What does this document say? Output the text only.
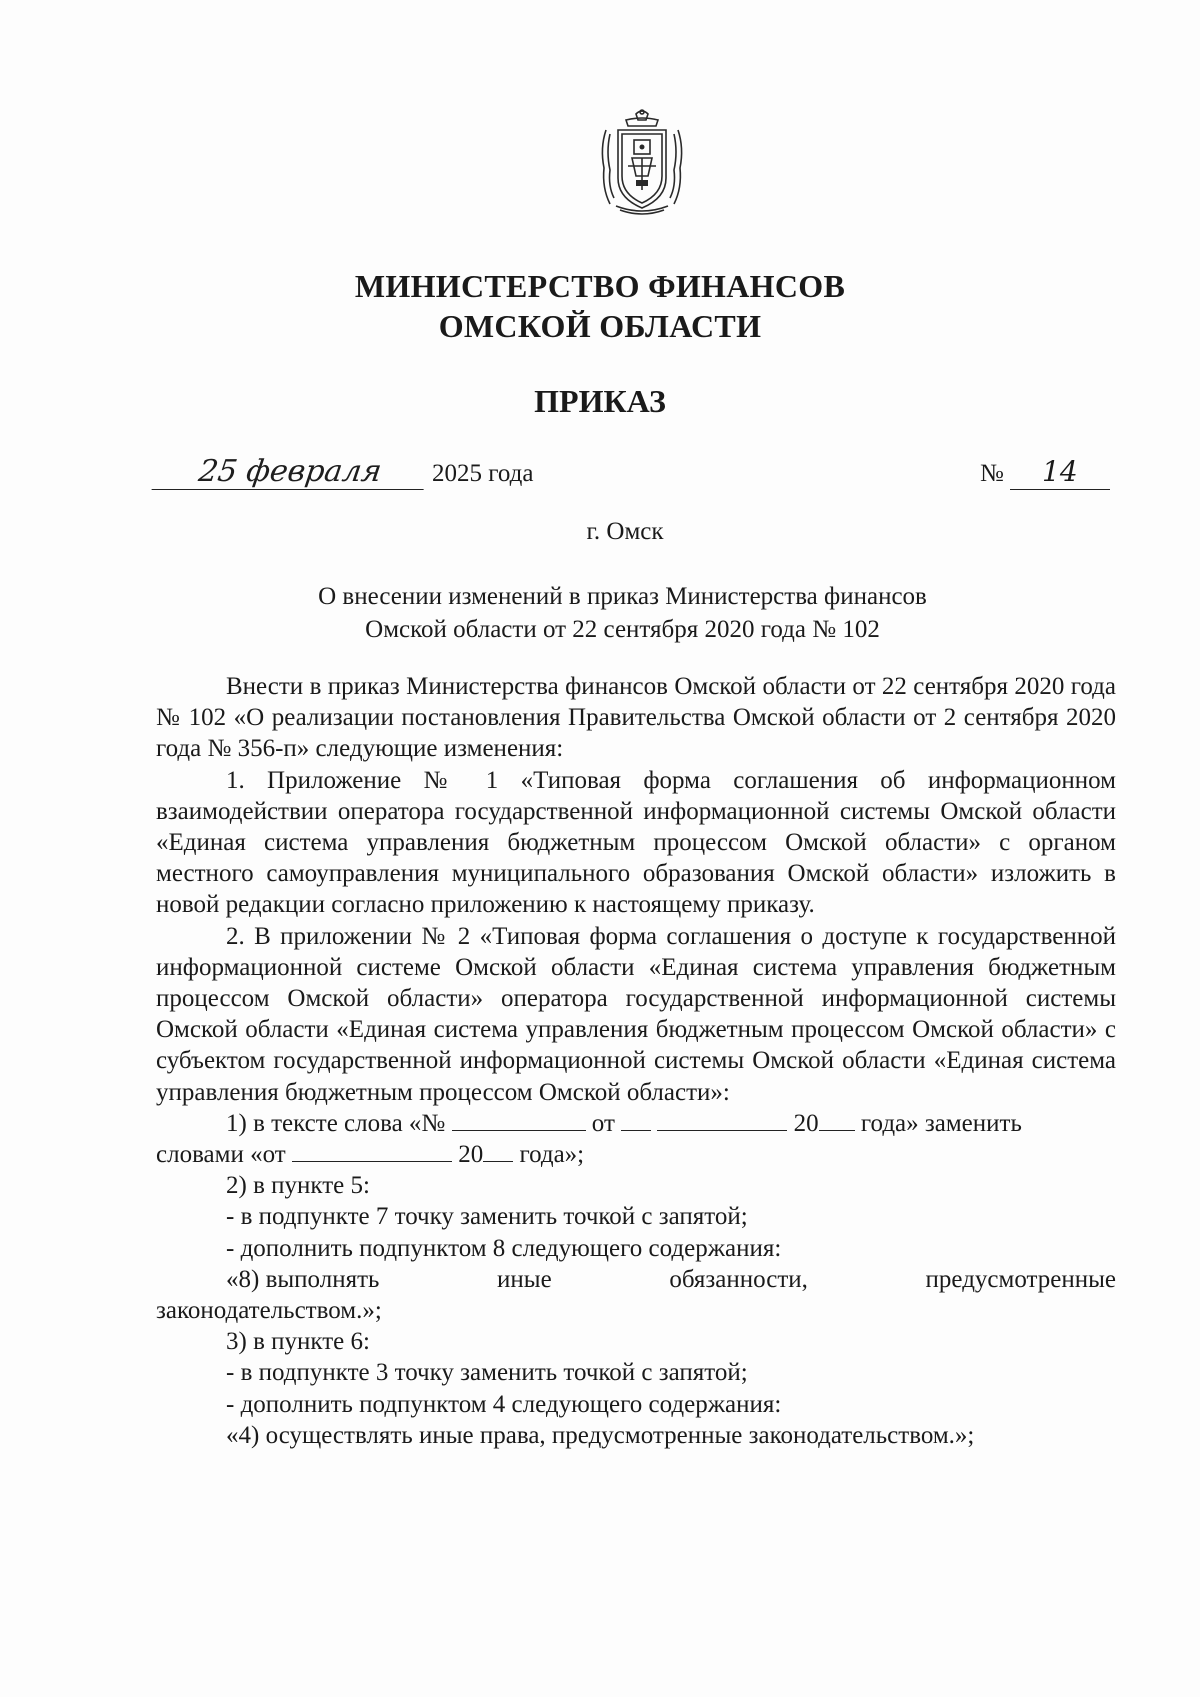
МИНИСТЕРСТВО ФИНАНСОВ
ОМСКОЙ ОБЛАСТИ
ПРИКАЗ
25 февраля 2025 года	№ 14
г. Омск
О внесении изменений в приказ Министерства финансов
Омской области от 22 сентября 2020 года № 102

Внести в приказ Министерства финансов Омской области от 22 сентября 2020 года № 102 «О реализации постановления Правительства Омской области от 2 сентября 2020 года № 356-п» следующие изменения:

1. Приложение № 1 «Типовая форма соглашения об информационном взаимодействии оператора государственной информационной системы Омской области «Единая система управления бюджетным процессом Омской области» с органом местного самоуправления муниципального образования Омской области» изложить в новой редакции согласно приложению к настоящему приказу.

2. В приложении № 2 «Типовая форма соглашения о доступе к государственной информационной системе Омской области «Единая система управления бюджетным процессом Омской области» оператора государственной информационной системы Омской области «Единая система управления бюджетным процессом Омской области» с субъектом государственной информационной системы Омской области «Единая система управления бюджетным процессом Омской области»:

1) в тексте слова «№	от	20 года» заменить

словами «от	20 года»;

2) в пункте 5:

- в подпункте 7 точку заменить точкой с запятой;

- дополнить подпунктом 8 следующего содержания:

«8) выполнять	иные	обязанности,	предусмотренные

законодательством.»;

3) в пункте 6:

- в подпункте 3 точку заменить точкой с запятой;

- дополнить подпунктом 4 следующего содержания:

«4) осуществлять иные права, предусмотренные законодательством.»;
